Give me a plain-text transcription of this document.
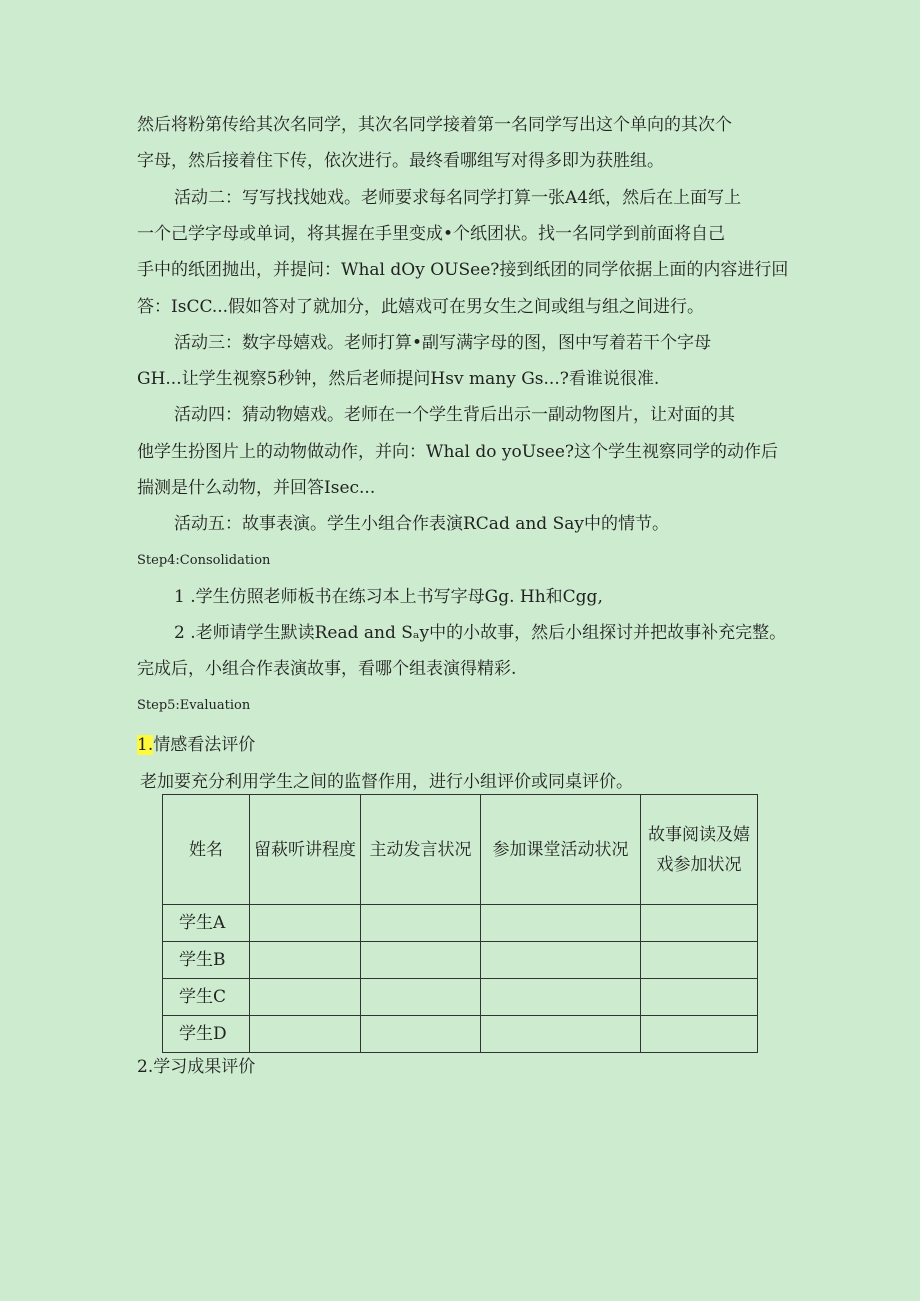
然后将粉第传给其次名同学，其次名同学接着第一名同学写出这个单向的其次个
字母，然后接着住下传，依次进行。最终看哪组写对得多即为获胜组。
活动二：写写找找她戏。老师要求每名同学打算一张A4纸，然后在上面写上
一个己学字母或单词，将其握在手里变成•个纸团状。找一名同学到前面将自己
手中的纸团抛出，并提问：Whal dOy OUSee?接到纸团的同学依据上面的内容进行回
答：IsCC...假如答对了就加分，此嬉戏可在男女生之间或组与组之间进行。
活动三：数字母嬉戏。老师打算•副写满字母的图，图中写着若干个字母
GH...让学生视察5秒钟，然后老师提问Hsv many Gs...?看谁说很准.
活动四：猜动物嬉戏。老师在一个学生背后出示一副动物图片，让对面的其
他学生扮图片上的动物做动作，并向：Whal do yoUsee?这个学生视察同学的动作后
揣测是什么动物，并回答Isec...
活动五：故事表演。学生小组合作表演RCad and Say中的情节。
Step4:Consolidation
1 .学生仿照老师板书在练习本上书写字母Gg. Hh和Cgg,
2 .老师请学生默读Read and Sₐy中的小故事，然后小组探讨并把故事补充完整。
完成后，小组合作表演故事，看哪个组表演得精彩.
Step5:Evaluation
1.情感看法评价
老加要充分利用学生之间的监督作用，进行小组评价或同桌评价。
姓名	留萩听讲程度	主动发言状况	参加课堂活动状况	故事阅读及嬉戏参加状况
学生A				
学生B				
学生C				
学生D				
2.学习成果评价
